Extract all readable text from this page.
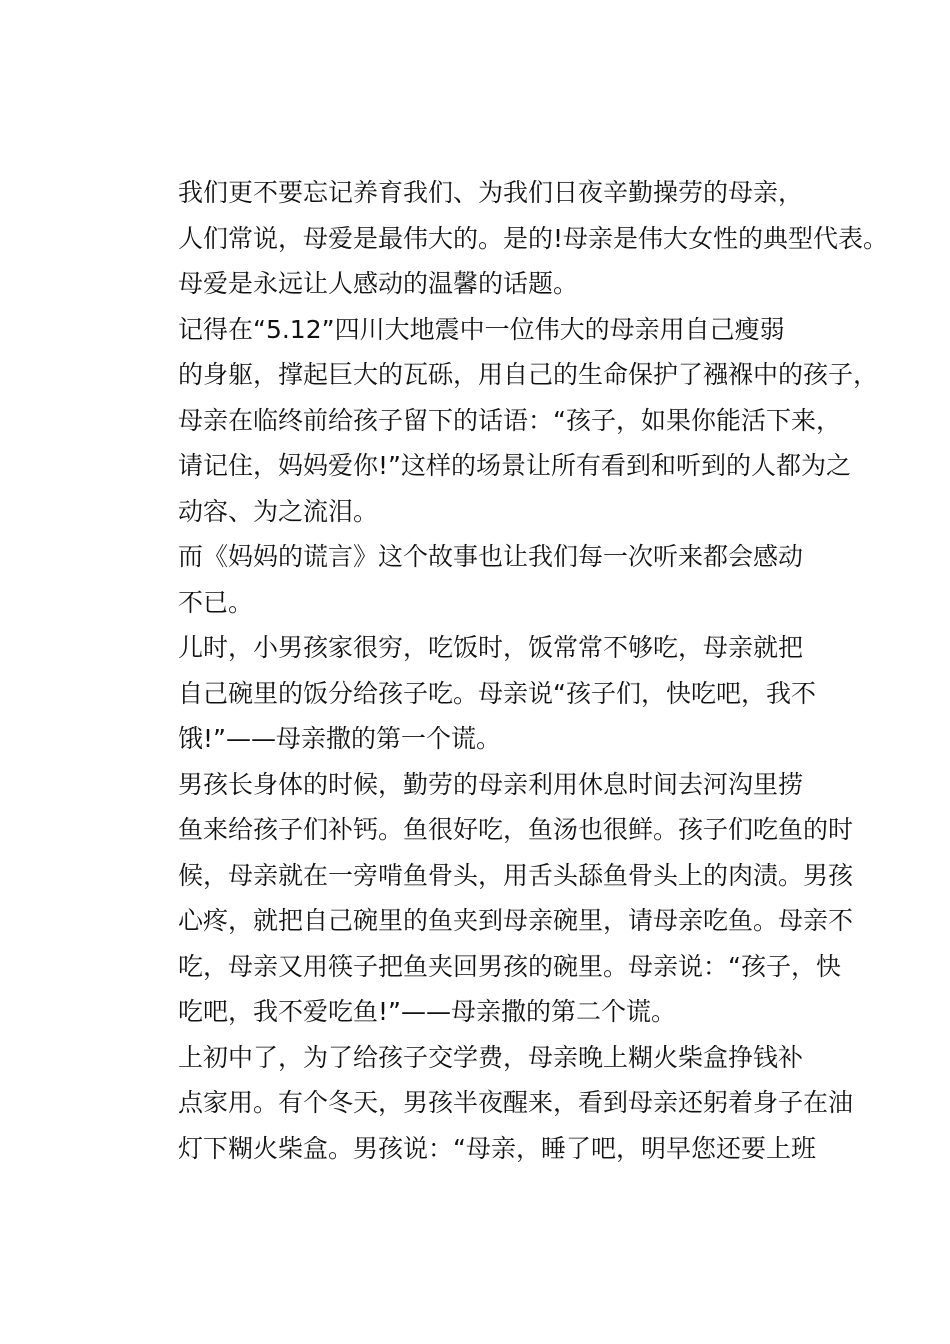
我们更不要忘记养育我们、为我们日夜辛勤操劳的母亲，
人们常说，母爱是最伟大的。是的!母亲是伟大女性的典型代表。
母爱是永远让人感动的温馨的话题。

记得在“5.12”四川大地震中一位伟大的母亲用自己瘦弱
的身躯，撑起巨大的瓦砾，用自己的生命保护了襁褓中的孩子，
母亲在临终前给孩子留下的话语：“孩子，如果你能活下来，
请记住，妈妈爱你!”这样的场景让所有看到和听到的人都为之
动容、为之流泪。

而《妈妈的谎言》这个故事也让我们每一次听来都会感动
不已。

儿时，小男孩家很穷，吃饭时，饭常常不够吃，母亲就把
自己碗里的饭分给孩子吃。母亲说“孩子们，快吃吧，我不
饿!”——母亲撒的第一个谎。

男孩长身体的时候，勤劳的母亲利用休息时间去河沟里捞
鱼来给孩子们补钙。鱼很好吃，鱼汤也很鲜。孩子们吃鱼的时
候，母亲就在一旁啃鱼骨头，用舌头舔鱼骨头上的肉渍。男孩
心疼，就把自己碗里的鱼夹到母亲碗里，请母亲吃鱼。母亲不
吃，母亲又用筷子把鱼夹回男孩的碗里。母亲说：“孩子，快
吃吧，我不爱吃鱼!”——母亲撒的第二个谎。

上初中了，为了给孩子交学费，母亲晚上糊火柴盒挣钱补
点家用。有个冬天，男孩半夜醒来，看到母亲还躬着身子在油
灯下糊火柴盒。男孩说：“母亲，睡了吧，明早您还要上班
